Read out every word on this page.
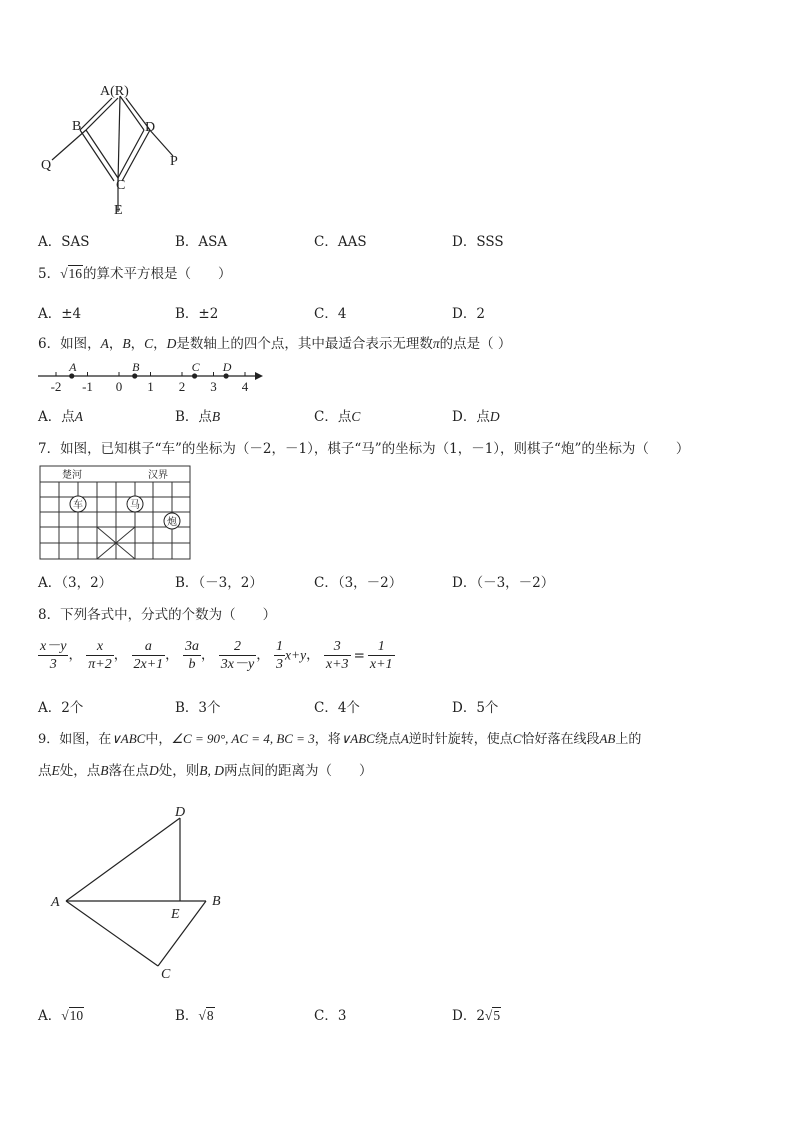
A(R)
B	D
Q	P
C
E
A．SAS	B．ASA	C．AAS	D．SSS
5．√16的算术平方根是（　　）
A．±4	B．±2	C．4	D．2
6．如图，A，B，C，D是数轴上的四个点，其中最适合表示无理数π的点是（ ）
-2 -1 0 1 2 3 4
A	B	C D
A．点A	B．点B	C．点C	D．点D
7．如图，已知棋子“车”的坐标为（－2，－1），棋子“马”的坐标为（1，－1），则棋子“炮”的坐标为（　　）
楚河	汉界
车	马
炮
A．（3，2）	B．（－3，2）	C．（3，－2）	D．（－3，－2）
8．下列各式中，分式的个数为（　　）
$\frac{x-y}{3}$ ， $\frac{x}{\pi+2}$ ， $\frac{a}{2x+1}$ ， $\frac{3a}{b}$ ， $\frac{2}{3x-y}$ ， $\frac{1}{3} x+y$， $\frac{3}{x+3} = \frac{1}{x+1}$
A．2个	B．3个	C．4个	D．5个
9．如图，在∨ABC中，∠C = 90°, AC = 4, BC = 3，将∨ABC绕点A逆时针旋转，使点C恰好落在线段AB上的
点E处，点B落在点D处，则B, D两点间的距离为（　　）
D
A	B
E
C
A．√10	B．√8	C．3	D．2√5
